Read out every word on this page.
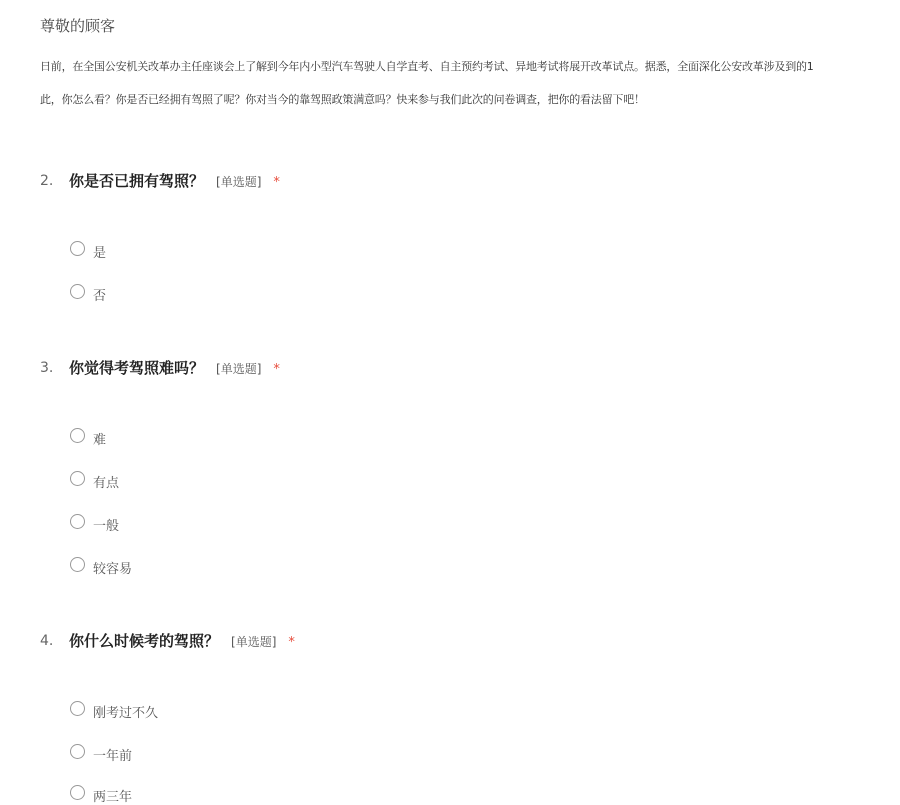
尊敬的顾客
日前，在全国公安机关改革办主任座谈会上了解到今年内小型汽车驾驶人自学直考、自主预约考试、异地考试将展开改革试点。据悉，全面深化公安改革涉及到的1
此，你怎么看？你是否已经拥有驾照了呢？你对当今的靠驾照政策满意吗？快来参与我们此次的问卷调查，把你的看法留下吧！
2. 你是否已拥有驾照？ [单选题] *
是
否
3. 你觉得考驾照难吗？ [单选题] *
难
有点
一般
较容易
4. 你什么时候考的驾照？ [单选题] *
刚考过不久
一年前
两三年
